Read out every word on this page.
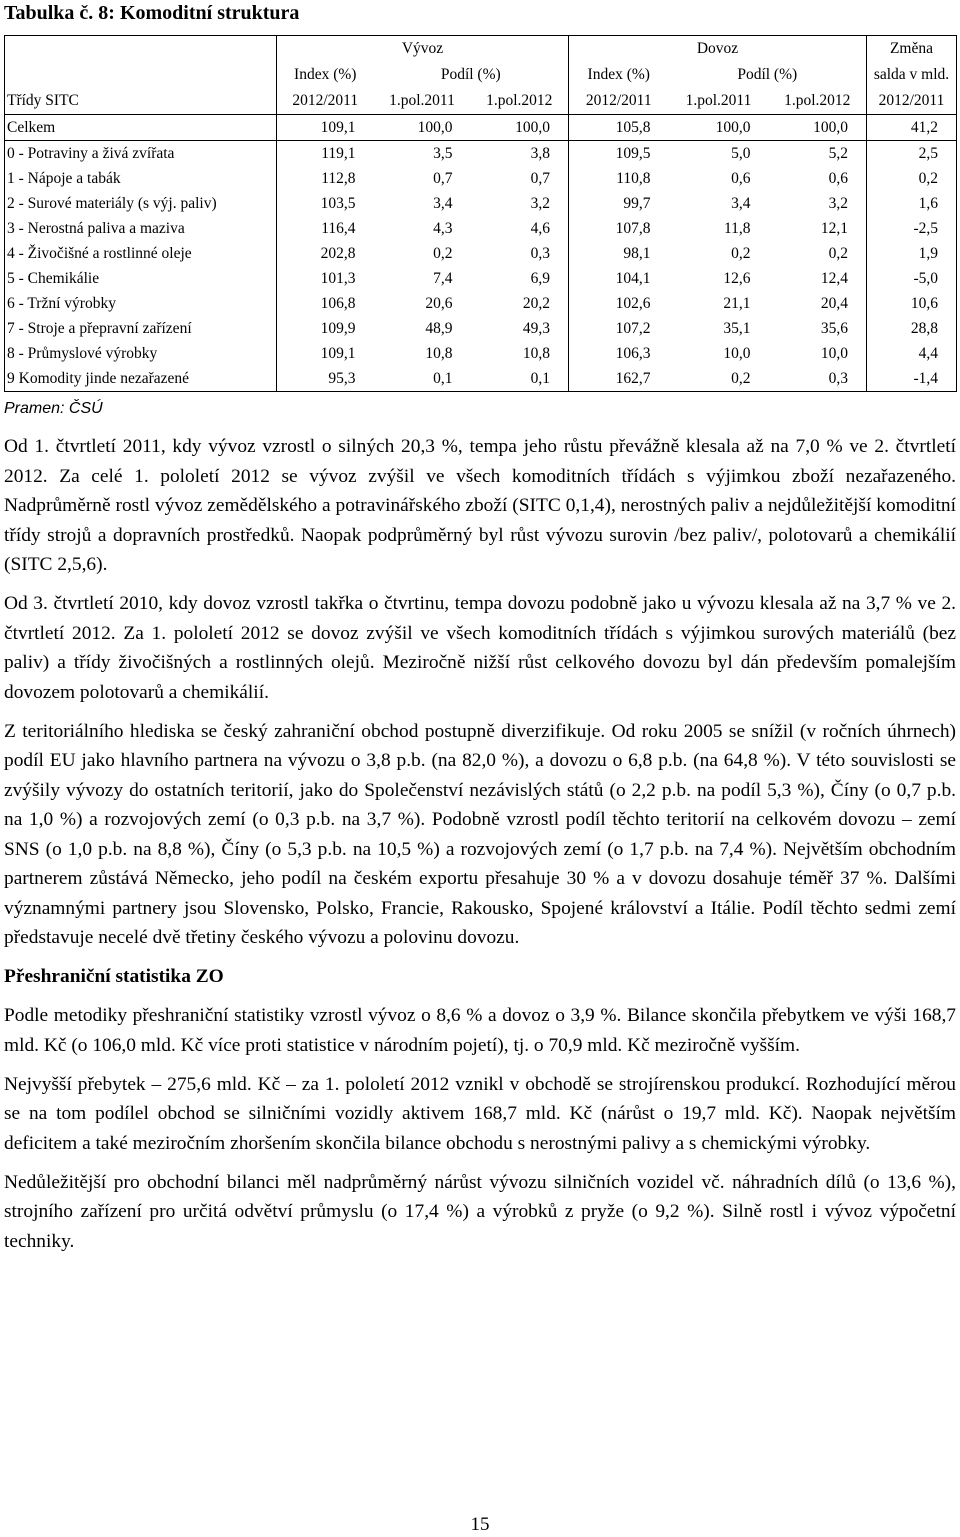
Tabulka č. 8: Komoditní struktura
	Vývoz			Dovoz			Změna
	Index (%)	Podíl (%)		Index (%)	Podíl (%)		salda v mld.
Třídy SITC	2012/2011	1.pol.2011	1.pol.2012	2012/2011	1.pol.2011	1.pol.2012	2012/2011
Celkem	109,1	100,0	100,0	105,8	100,0	100,0	41,2
0 - Potraviny a živá zvířata	119,1	3,5	3,8	109,5	5,0	5,2	2,5
1 - Nápoje a tabák	112,8	0,7	0,7	110,8	0,6	0,6	0,2
2 - Surové materiály (s výj. paliv)	103,5	3,4	3,2	99,7	3,4	3,2	1,6
3 - Nerostná paliva a maziva	116,4	4,3	4,6	107,8	11,8	12,1	-2,5
4 - Živočišné a rostlinné oleje	202,8	0,2	0,3	98,1	0,2	0,2	1,9
5 - Chemikálie	101,3	7,4	6,9	104,1	12,6	12,4	-5,0
6 - Tržní výrobky	106,8	20,6	20,2	102,6	21,1	20,4	10,6
7 - Stroje a přepravní zařízení	109,9	48,9	49,3	107,2	35,1	35,6	28,8
8 - Průmyslové výrobky	109,1	10,8	10,8	106,3	10,0	10,0	4,4
9 Komodity jinde nezařazené	95,3	0,1	0,1	162,7	0,2	0,3	-1,4
Pramen: ČSÚ

Od 1. čtvrtletí 2011, kdy vývoz vzrostl o silných 20,3 %, tempa jeho růstu převážně klesala až na 7,0 % ve 2. čtvrtletí 2012. Za celé 1. pololetí 2012 se vývoz zvýšil ve všech komoditních třídách s výjimkou zboží nezařazeného. Nadprůměrně rostl vývoz zemědělského a potravinářského zboží (SITC 0,1,4), nerostných paliv a nejdůležitější komoditní třídy strojů a dopravních prostředků. Naopak podprůměrný byl růst vývozu surovin /bez paliv/, polotovarů a chemikálií (SITC 2,5,6).

Od 3. čtvrtletí 2010, kdy dovoz vzrostl takřka o čtvrtinu, tempa dovozu podobně jako u vývozu klesala až na 3,7 % ve 2. čtvrtletí 2012. Za 1. pololetí 2012 se dovoz zvýšil ve všech komoditních třídách s výjimkou surových materiálů (bez paliv) a třídy živočišných a rostlinných olejů. Meziročně nižší růst celkového dovozu byl dán především pomalejším dovozem polotovarů a chemikálií.

Z teritoriálního hlediska se český zahraniční obchod postupně diverzifikuje. Od roku 2005 se snížil (v ročních úhrnech) podíl EU jako hlavního partnera na vývozu o 3,8 p.b. (na 82,0 %), a dovozu o 6,8 p.b. (na 64,8 %). V této souvislosti se zvýšily vývozy do ostatních teritorií, jako do Společenství nezávislých států (o 2,2 p.b. na podíl 5,3 %), Číny (o 0,7 p.b. na 1,0 %) a rozvojových zemí (o 0,3 p.b. na 3,7 %). Podobně vzrostl podíl těchto teritorií na celkovém dovozu – zemí SNS (o 1,0 p.b. na 8,8 %), Číny (o 5,3 p.b. na 10,5 %) a rozvojových zemí (o 1,7 p.b. na 7,4 %). Největším obchodním partnerem zůstává Německo, jeho podíl na českém exportu přesahuje 30 % a v dovozu dosahuje téměř 37 %. Dalšími významnými partnery jsou Slovensko, Polsko, Francie, Rakousko, Spojené království a Itálie. Podíl těchto sedmi zemí představuje necelé dvě třetiny českého vývozu a polovinu dovozu.

Přeshraniční statistika ZO

Podle metodiky přeshraniční statistiky vzrostl vývoz o 8,6 % a dovoz o 3,9 %. Bilance skončila přebytkem ve výši 168,7 mld. Kč (o 106,0 mld. Kč více proti statistice v národním pojetí), tj. o 70,9 mld. Kč meziročně vyšším.

Nejvyšší přebytek – 275,6 mld. Kč – za 1. pololetí 2012 vznikl v obchodě se strojírenskou produkcí. Rozhodující měrou se na tom podílel obchod se silničními vozidly aktivem 168,7 mld. Kč (nárůst o 19,7 mld. Kč). Naopak největším deficitem a také meziročním zhoršením skončila bilance obchodu s nerostnými palivy a s chemickými výrobky.

Nedůležitější pro obchodní bilanci měl nadprůměrný nárůst vývozu silničních vozidel vč. náhradních dílů (o 13,6 %), strojního zařízení pro určitá odvětví průmyslu (o 17,4 %) a výrobků z pryže (o 9,2 %). Silně rostl i vývoz výpočetní techniky.

15
